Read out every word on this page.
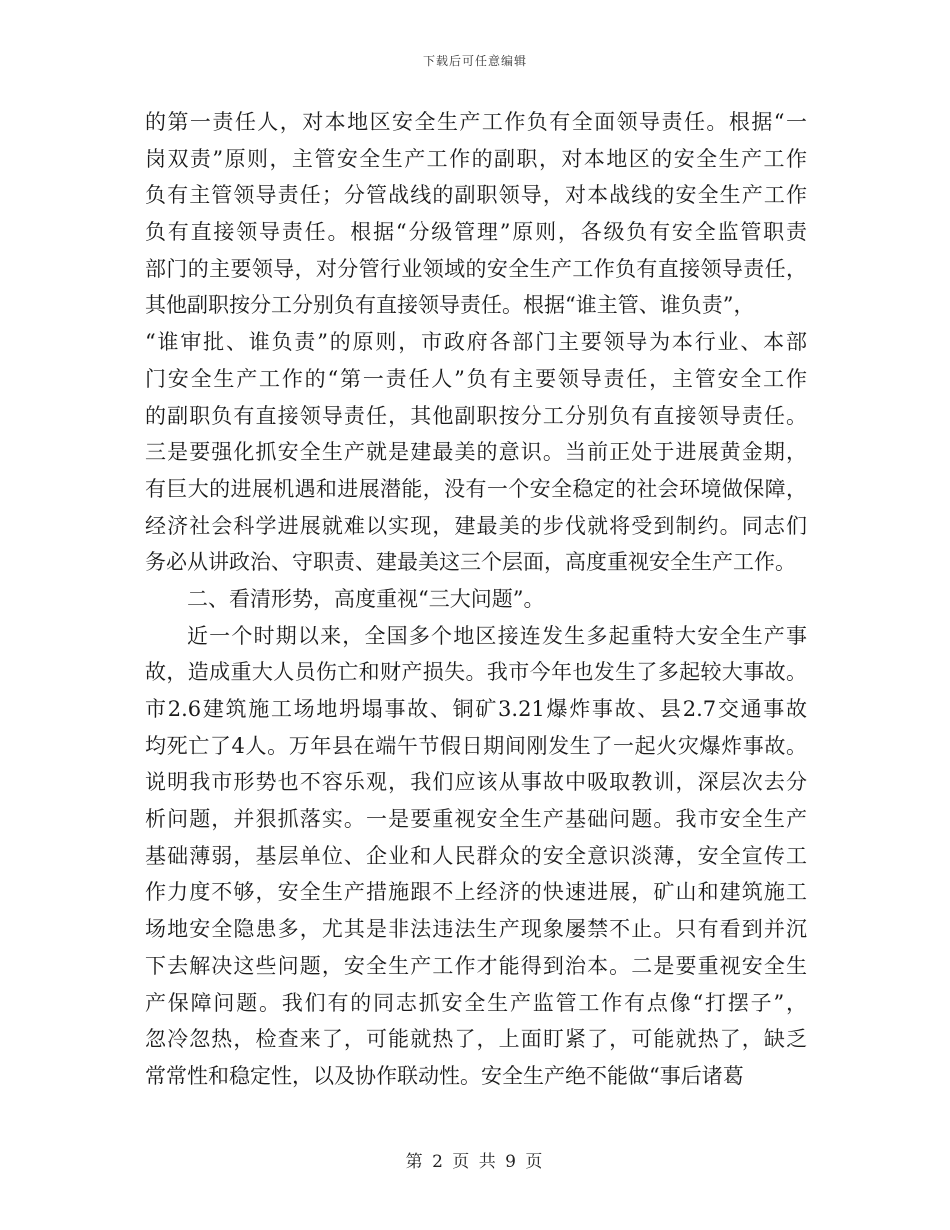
下载后可任意编辑
的第一责任人，对本地区安全生产工作负有全面领导责任。根据“一
岗双责”原则，主管安全生产工作的副职，对本地区的安全生产工作
负有主管领导责任；分管战线的副职领导，对本战线的安全生产工作
负有直接领导责任。根据“分级管理”原则，各级负有安全监管职责
部门的主要领导，对分管行业领域的安全生产工作负有直接领导责任，
其他副职按分工分别负有直接领导责任。根据“谁主管、谁负责”，
“谁审批、谁负责”的原则，市政府各部门主要领导为本行业、本部
门安全生产工作的“第一责任人”负有主要领导责任，主管安全工作
的副职负有直接领导责任，其他副职按分工分别负有直接领导责任。
三是要强化抓安全生产就是建最美的意识。当前正处于进展黄金期，
有巨大的进展机遇和进展潜能，没有一个安全稳定的社会环境做保障，
经济社会科学进展就难以实现，建最美的步伐就将受到制约。同志们
务必从讲政治、守职责、建最美这三个层面，高度重视安全生产工作。
二、看清形势，高度重视“三大问题”。
近一个时期以来，全国多个地区接连发生多起重特大安全生产事
故，造成重大人员伤亡和财产损失。我市今年也发生了多起较大事故。
市2.6建筑施工场地坍塌事故、铜矿3.21爆炸事故、县2.7交通事故
均死亡了4人。万年县在端午节假日期间刚发生了一起火灾爆炸事故。
说明我市形势也不容乐观，我们应该从事故中吸取教训，深层次去分
析问题，并狠抓落实。一是要重视安全生产基础问题。我市安全生产
基础薄弱，基层单位、企业和人民群众的安全意识淡薄，安全宣传工
作力度不够，安全生产措施跟不上经济的快速进展，矿山和建筑施工
场地安全隐患多，尤其是非法违法生产现象屡禁不止。只有看到并沉
下去解决这些问题，安全生产工作才能得到治本。二是要重视安全生
产保障问题。我们有的同志抓安全生产监管工作有点像“打摆子”，
忽冷忽热，检查来了，可能就热了，上面盯紧了，可能就热了，缺乏
常常性和稳定性，以及协作联动性。安全生产绝不能做“事后诸葛
第 2 页 共 9 页
